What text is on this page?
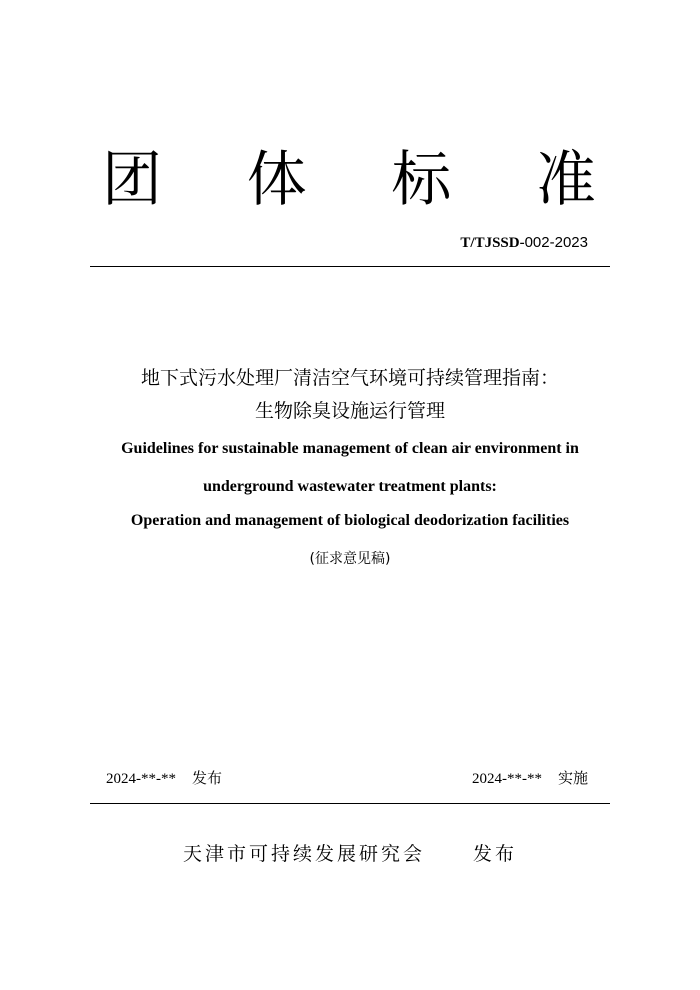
团 体 标 准
T/TJSSD-002-2023
地下式污水处理厂清洁空气环境可持续管理指南：
生物除臭设施运行管理
Guidelines for sustainable management of clean air environment in
underground wastewater treatment plants:
Operation and management of biological deodorization facilities
(征求意见稿)
2024-**-** 发布	2024-**-** 实施
天津市可持续发展研究会	发布
